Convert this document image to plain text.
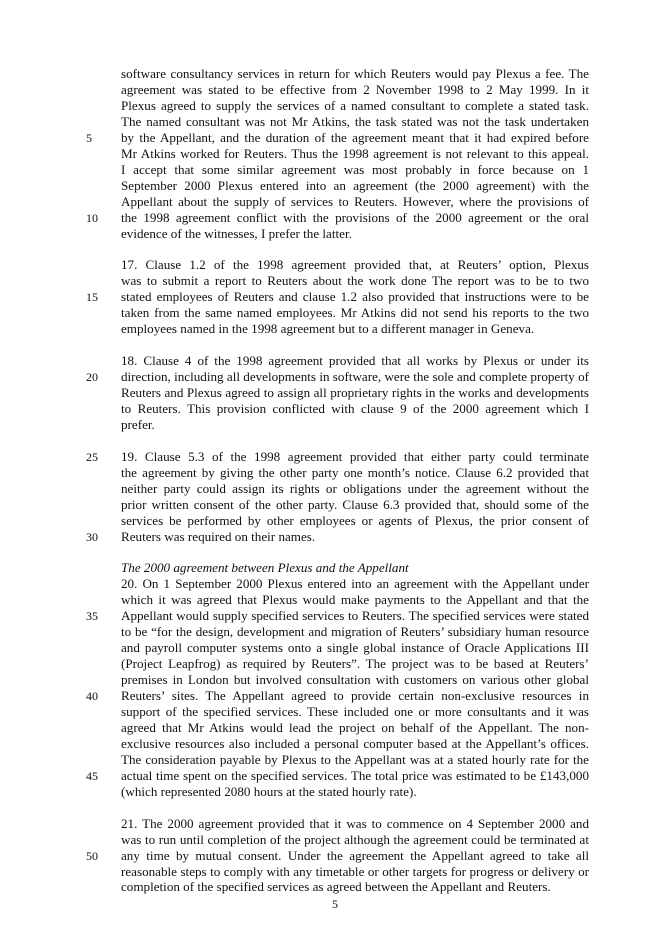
software consultancy services in return for which Reuters would pay Plexus a fee. The
agreement was stated to be effective from 2 November 1998 to 2 May 1999. In it
Plexus agreed to supply the services of a named consultant to complete a stated task.
The named consultant was not Mr Atkins, the task stated was not the task undertaken
by the Appellant, and the duration of the agreement meant that it had expired before
5
Mr Atkins worked for Reuters. Thus the 1998 agreement is not relevant to this appeal.
I accept that some similar agreement was most probably in force because on 1
September 2000 Plexus entered into an agreement (the 2000 agreement) with the
Appellant about the supply of services to Reuters. However, where the provisions of
the 1998 agreement conflict with the provisions of the 2000 agreement or the oral
10
evidence of the witnesses, I prefer the latter.
17. Clause 1.2 of the 1998 agreement provided that, at Reuters’ option, Plexus
was to submit a report to Reuters about the work done The report was to be to two
stated employees of Reuters and clause 1.2 also provided that instructions were to be
15
taken from the same named employees. Mr Atkins did not send his reports to the two
employees named in the 1998 agreement but to a different manager in Geneva.
18. Clause 4 of the 1998 agreement provided that all works by Plexus or under its
direction, including all developments in software, were the sole and complete property of
20
Reuters and Plexus agreed to assign all proprietary rights in the works and developments
to Reuters. This provision conflicted with clause 9 of the 2000 agreement which I
prefer.
19. Clause 5.3 of the 1998 agreement provided that either party could terminate
25
the agreement by giving the other party one month’s notice. Clause 6.2 provided that
neither party could assign its rights or obligations under the agreement without the
prior written consent of the other party. Clause 6.3 provided that, should some of the
services be performed by other employees or agents of Plexus, the prior consent of
Reuters was required on their names.
30
The 2000 agreement between Plexus and the Appellant
20. On 1 September 2000 Plexus entered into an agreement with the Appellant under
which it was agreed that Plexus would make payments to the Appellant and that the
Appellant would supply specified services to Reuters. The specified services were stated
35
to be “for the design, development and migration of Reuters’ subsidiary human resource
and payroll computer systems onto a single global instance of Oracle Applications III
(Project Leapfrog) as required by Reuters”. The project was to be based at Reuters’
premises in London but involved consultation with customers on various other global
Reuters’ sites. The Appellant agreed to provide certain non-exclusive resources in
40
support of the specified services. These included one or more consultants and it was
agreed that Mr Atkins would lead the project on behalf of the Appellant. The non-
exclusive resources also included a personal computer based at the Appellant’s offices.
The consideration payable by Plexus to the Appellant was at a stated hourly rate for the
actual time spent on the specified services. The total price was estimated to be £143,000
45
(which represented 2080 hours at the stated hourly rate).
21. The 2000 agreement provided that it was to commence on 4 September 2000 and
was to run until completion of the project although the agreement could be terminated at
any time by mutual consent. Under the agreement the Appellant agreed to take all
50
reasonable steps to comply with any timetable or other targets for progress or delivery or
completion of the specified services as agreed between the Appellant and Reuters.
5
